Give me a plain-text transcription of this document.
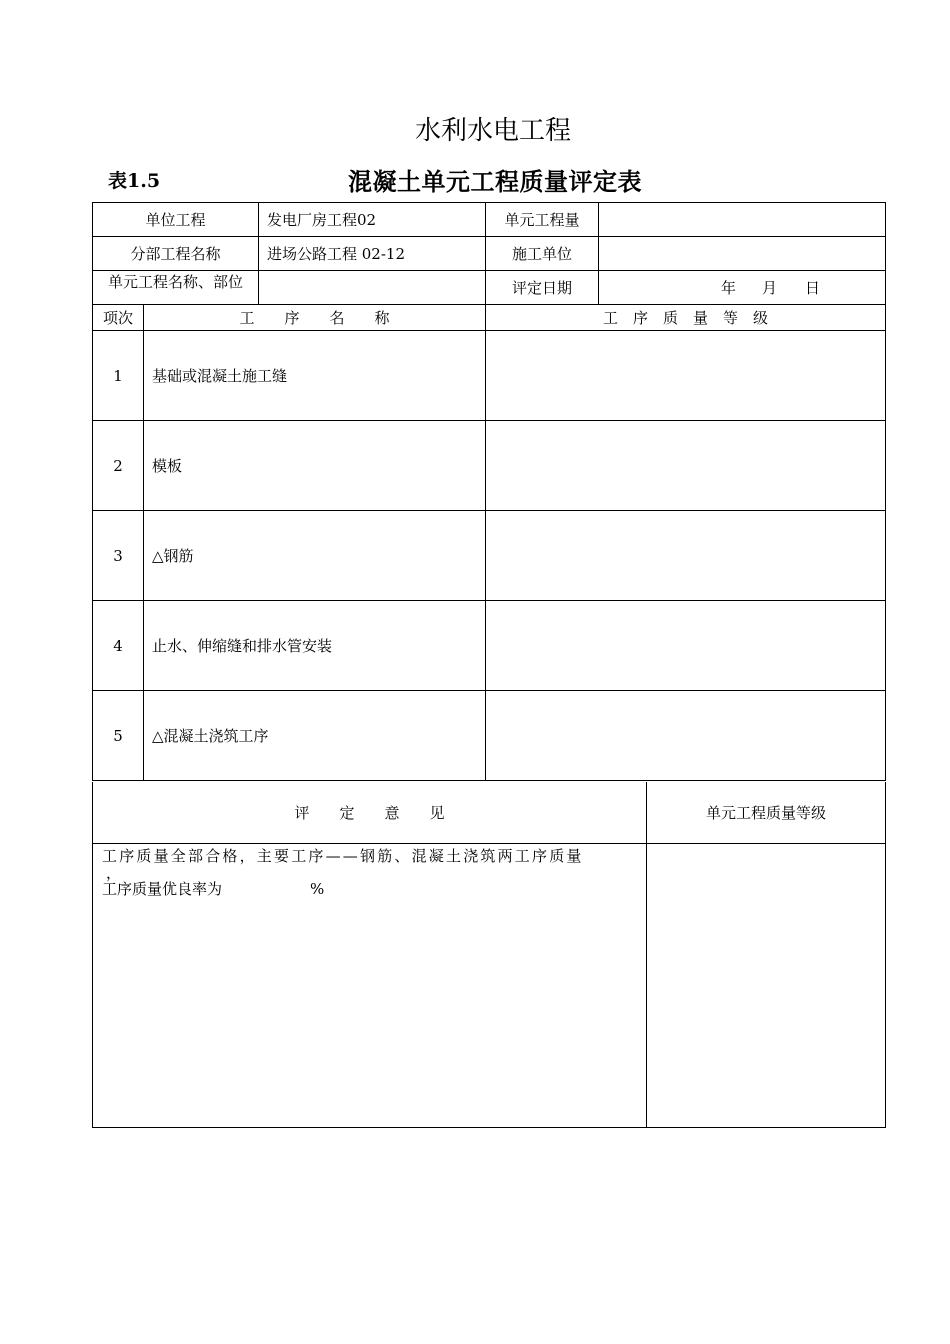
水利水电工程
表1.5	混凝土单元工程质量评定表
单位工程	发电厂房工程02	单元工程量	
分部工程名称	进场公路工程 02-12	施工单位	

单元工程名称、部位		评定日期	年 月 日
项次	工　　序　　名　　称	工　序　质　量　等　级
1	基础或混凝土施工缝	
2	模板	
3	△钢筋	
4	止水、伸缩缝和排水管安装	
5	△混凝土浇筑工序	
评　　定　　意　　见	单元工程质量等级

工序质量全部合格，主要工序——钢筋、混凝土浇筑两工序质量
，
工序质量优良率为 %	
